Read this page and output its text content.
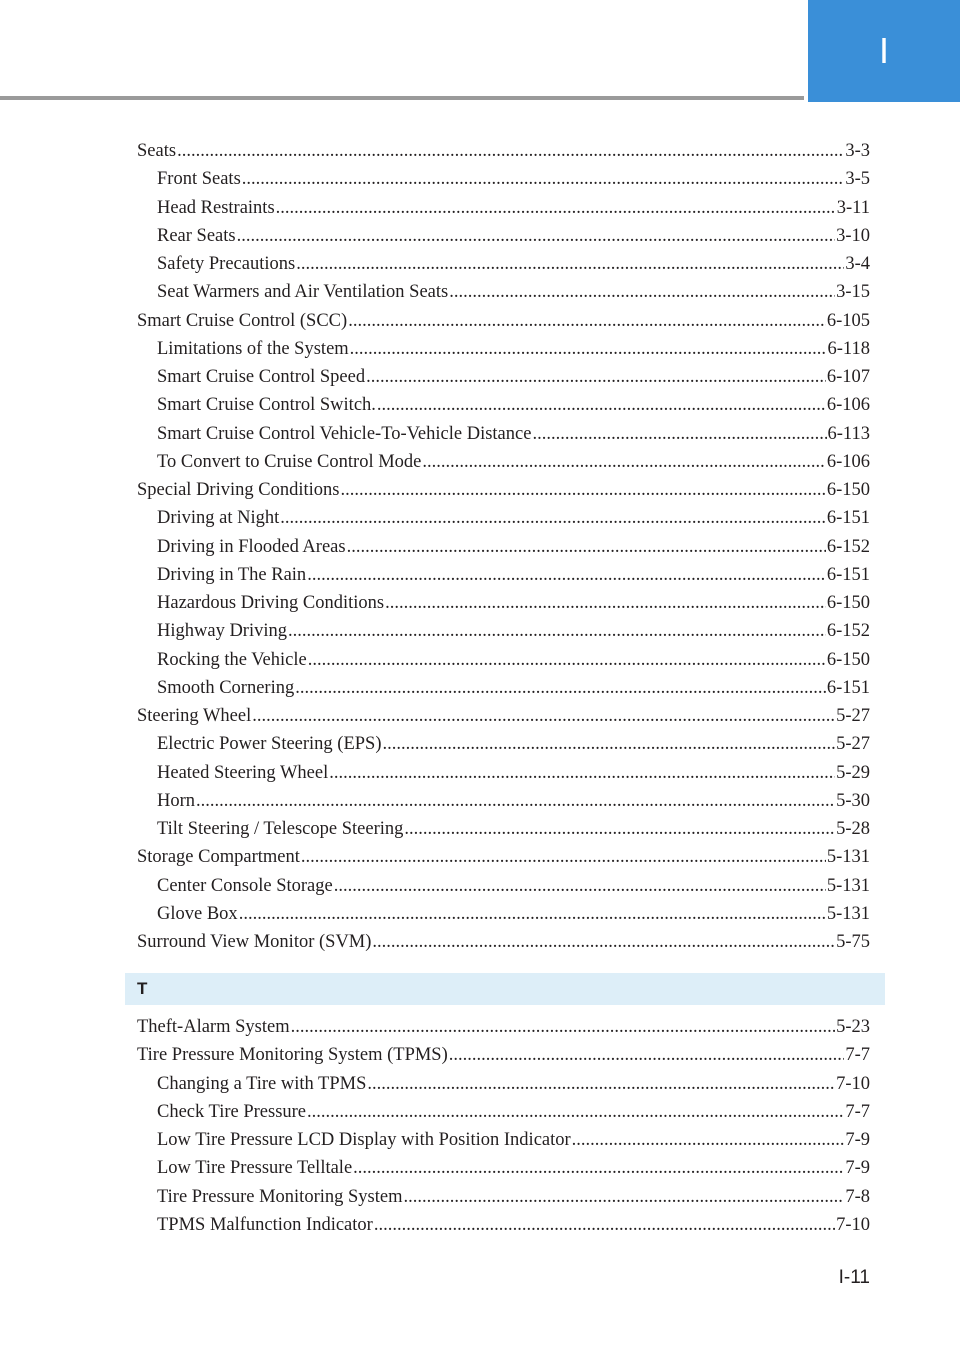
I
Seats .....	3-3
Front Seats .....	3-5
Head Restraints .....	3-11
Rear Seats .....	3-10
Safety Precautions .....	3-4
Seat Warmers and Air Ventilation Seats .....	3-15
Smart Cruise Control (SCC) .....	6-105
Limitations of the System .....	6-118
Smart Cruise Control Speed .....	6-107
Smart Cruise Control Switch. .....	6-106
Smart Cruise Control Vehicle-To-Vehicle Distance .....	6-113
To Convert to Cruise Control Mode .....	6-106
Special Driving Conditions .....	6-150
Driving at Night .....	6-151
Driving in Flooded Areas .....	6-152
Driving in The Rain .....	6-151
Hazardous Driving Conditions .....	6-150
Highway Driving .....	6-152
Rocking the Vehicle .....	6-150
Smooth Cornering .....	6-151
Steering Wheel .....	5-27
Electric Power Steering (EPS) .....	5-27
Heated Steering Wheel .....	5-29
Horn .....	5-30
Tilt Steering / Telescope Steering .....	5-28
Storage Compartment .....	5-131
Center Console Storage .....	5-131
Glove Box .....	5-131
Surround View Monitor (SVM) .....	5-75
T
Theft-Alarm System .....	5-23
Tire Pressure Monitoring System (TPMS) .....	7-7
Changing a Tire with TPMS .....	7-10
Check Tire Pressure .....	7-7
Low Tire Pressure LCD Display with Position Indicator .....	7-9
Low Tire Pressure Telltale .....	7-9
Tire Pressure Monitoring System .....	7-8
TPMS Malfunction Indicator .....	7-10
I-11
